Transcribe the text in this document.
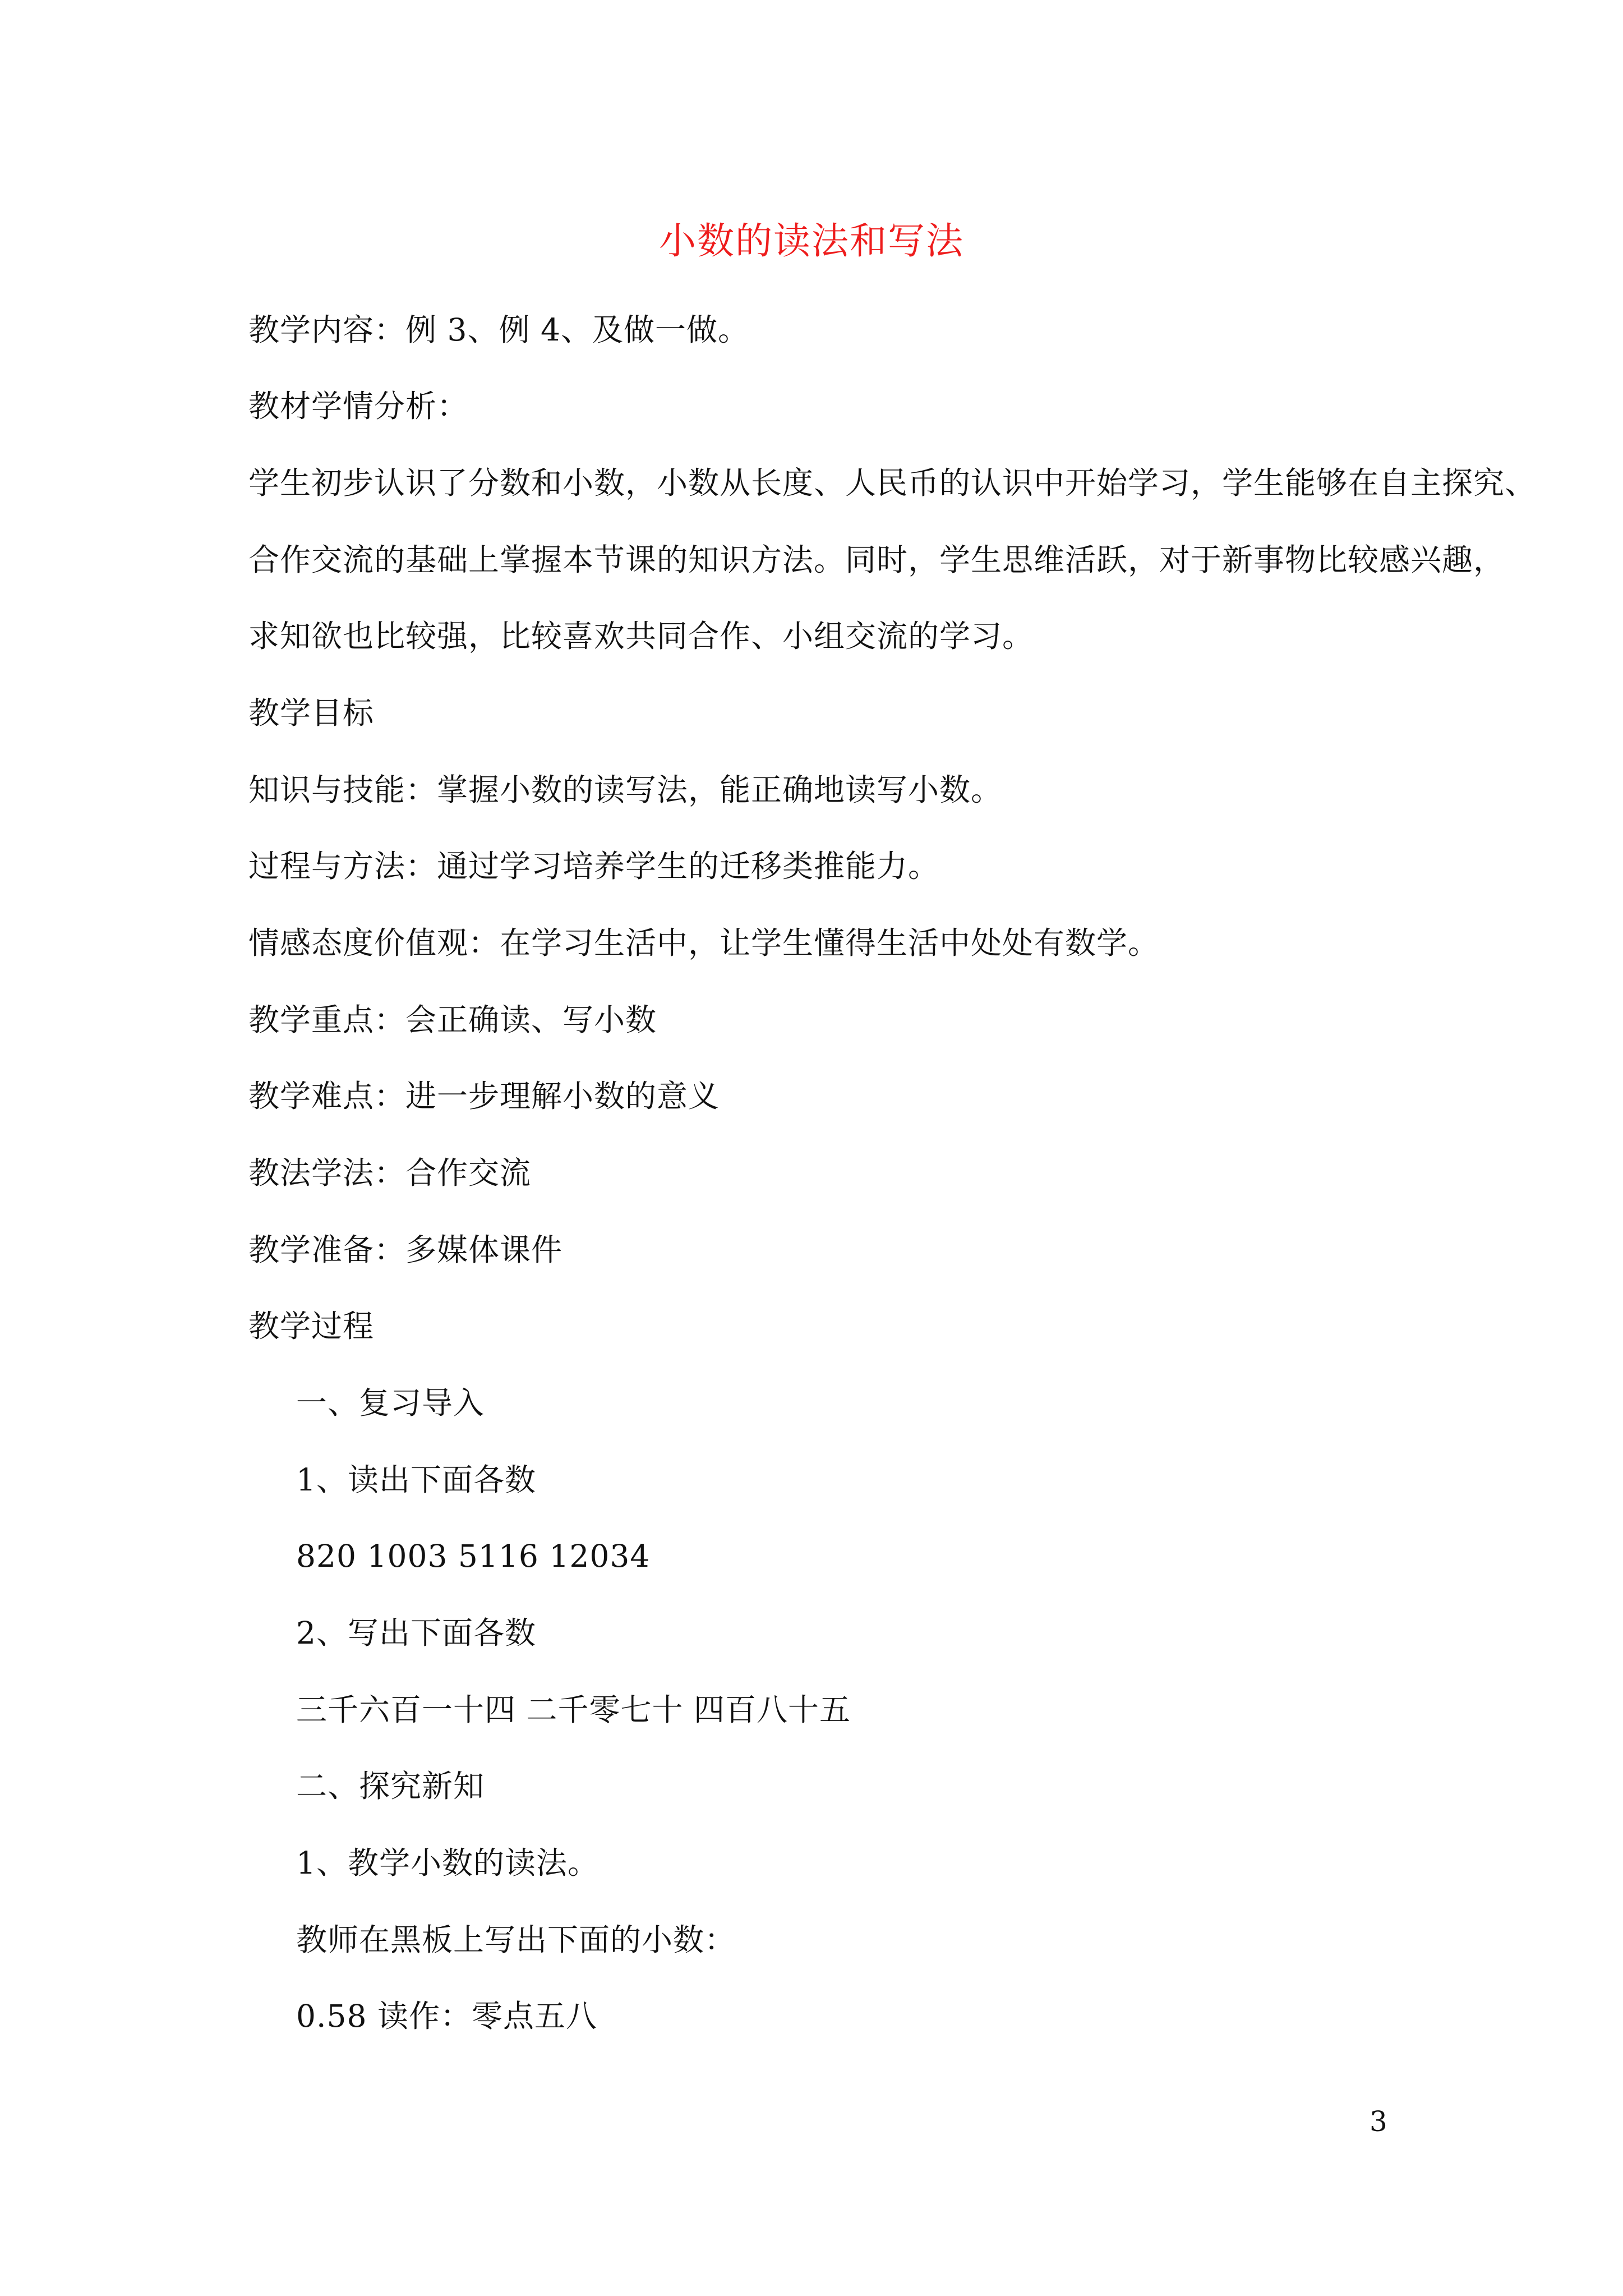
小数的读法和写法
教学内容：例 3、例 4、及做一做。
教材学情分析：
学生初步认识了分数和小数，小数从长度、人民币的认识中开始学习，学生能够在自主探究、
合作交流的基础上掌握本节课的知识方法。同时，学生思维活跃，对于新事物比较感兴趣，
求知欲也比较强，比较喜欢共同合作、小组交流的学习。
教学目标
知识与技能：掌握小数的读写法，能正确地读写小数。
过程与方法：通过学习培养学生的迁移类推能力。
情感态度价值观：在学习生活中，让学生懂得生活中处处有数学。
教学重点：会正确读、写小数
教学难点：进一步理解小数的意义
教法学法：合作交流
教学准备：多媒体课件
教学过程
一、复习导入
1、读出下面各数
820 1003 5116 12034
2、写出下面各数
三千六百一十四 二千零七十 四百八十五
二、探究新知
1、教学小数的读法。
教师在黑板上写出下面的小数：
0.58 读作：零点五八
3
